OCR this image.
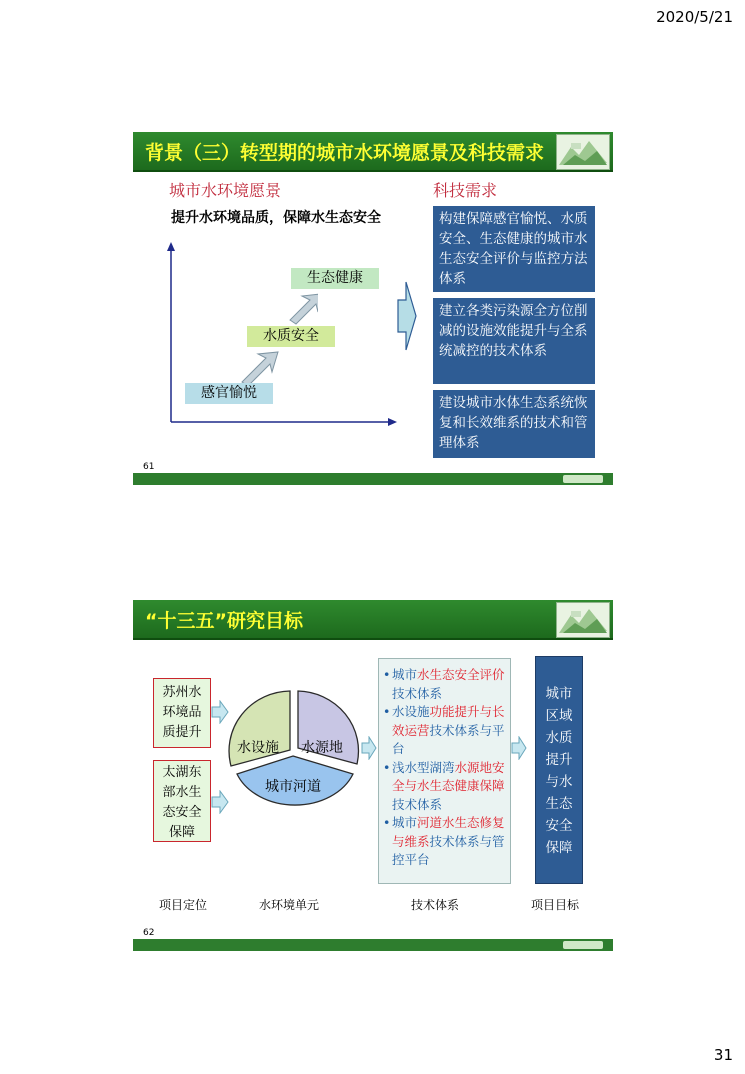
2020/5/21
背景（三）转型期的城市水环境愿景及科技需求
城市水环境愿景
提升水环境品质，保障水生态安全
感官愉悦
水质安全
生态健康
科技需求
构建保障感官愉悦、水质安全、生态健康的城市水生态安全评价与监控方法体系
建立各类污染源全方位削减的设施效能提升与全系统减控的技术体系
建设城市水体生态系统恢复和长效维系的技术和管理体系
61
“十三五”研究目标
苏州水环境品质提升
太湖东部水生态安全保障
水设施 水源地
城市河道
• 城市水生态安全评价技术体系
• 水设施功能提升与长效运营技术体系与平台
• 浅水型湖湾水源地安全与水生态健康保障技术体系
• 城市河道水生态修复与维系技术体系与管控平台
城市区域水质提升与水生态安全保障
项目定位	水环境单元	技术体系	项目目标
62
31
